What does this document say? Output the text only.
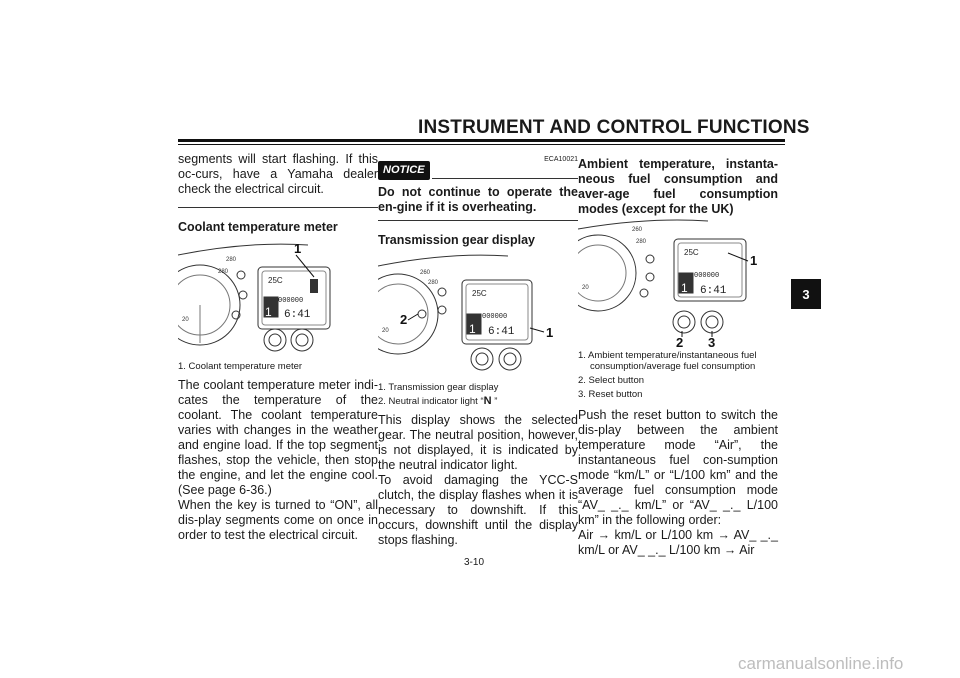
INSTRUMENT AND CONTROL FUNCTIONS
3

segments will start flashing. If this oc-curs, have a Yamaha dealer check the electrical circuit.

Coolant temperature meter
280
280
20
25C
000000
1 6:41
1
1. Coolant temperature meter

The coolant temperature meter indi-cates the temperature of the coolant. The coolant temperature varies with changes in the weather and engine load. If the top segment flashes, stop the vehicle, then stop the engine, and let the engine cool. (See page 6-36.)

When the key is turned to “ON”, all dis-play segments come on once in order to test the electrical circuit.

ECA10021
NOTICE

Do not continue to operate the en-gine if it is overheating.

Transmission gear display
260
280
20
25C
000000
1 6:41 1
2
1. Transmission gear display
2. Neutral indicator light “N ”

This display shows the selected gear. The neutral position, however, is not displayed, it is indicated by the neutral indicator light.

To avoid damaging the YCC-S clutch, the display flashes when it is necessary to downshift. If this occurs, downshift until the display stops flashing.

Ambient temperature, instanta-neous fuel consumption and aver-age fuel consumption modes (except for the UK)

260
280
20
25C
000000
1 6:41
1
2 3
1. Ambient temperature/instantaneous fuel
consumption/average fuel consumption
2. Select button
3. Reset button

Push the reset button to switch the dis-play between the ambient temperature mode “Air”, the instantaneous fuel con-sumption mode “km/L” or “L/100 km” and the average fuel consumption mode “AV_ _._ km/L” or “AV_ _._ L/100 km” in the following order:

Air → km/L or L/100 km → AV_ _._ km/L or AV_ _._ L/100 km → Air

3-10
carmanualsonline.info
